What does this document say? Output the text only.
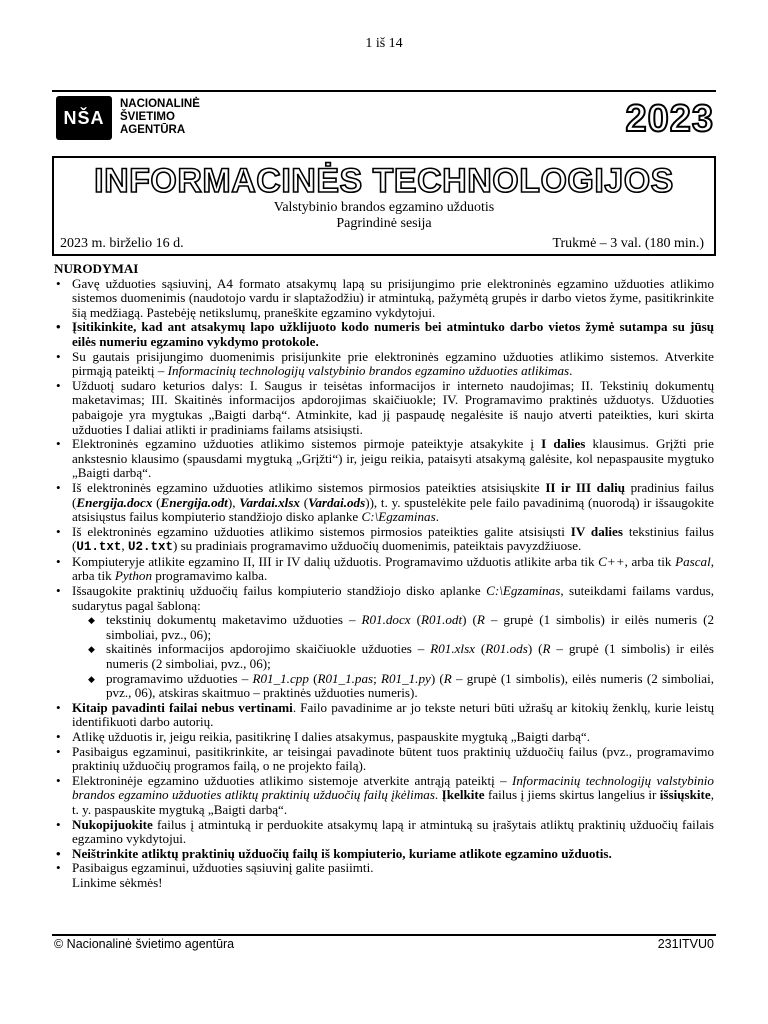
1 iš 14
NŠA
NACIONALINĖ
ŠVIETIMO
AGENTŪRA	2023
INFORMACINĖS TECHNOLOGIJOS
Valstybinio brandos egzamino užduotis
Pagrindinė sesija
2023 m. birželio 16 d.	Trukmė – 3 val. (180 min.)

NURODYMAI

• Gavę užduoties sąsiuvinį, A4 formato atsakymų lapą su prisijungimo prie elektroninės egzamino užduoties atlikimo sistemos duomenimis (naudotojo vardu ir slaptažodžiu) ir atmintuką, pažymėtą grupės ir darbo vietos žyme, pasitikrinkite šią medžiagą. Pastebėję netikslumų, praneškite egzamino vykdytojui.
• Įsitikinkite, kad ant atsakymų lapo užklijuoto kodo numeris bei atmintuko darbo vietos žymė sutampa su jūsų eilės numeriu egzamino vykdymo protokole.
• Su gautais prisijungimo duomenimis prisijunkite prie elektroninės egzamino užduoties atlikimo sistemos. Atverkite pirmąją pateiktį – Informacinių technologijų valstybinio brandos egzamino užduoties atlikimas.
• Užduotį sudaro keturios dalys: I. Saugus ir teisėtas informacijos ir interneto naudojimas; II. Tekstinių dokumentų maketavimas; III. Skaitinės informacijos apdorojimas skaičiuokle; IV. Programavimo praktinės užduotys. Užduoties pabaigoje yra mygtukas „Baigti darbą“. Atminkite, kad jį paspaudę negalėsite iš naujo atverti pateikties, kuri skirta užduoties I daliai atlikti ir pradiniams failams atsisiųsti.
• Elektroninės egzamino užduoties atlikimo sistemos pirmoje pateiktyje atsakykite į I dalies klausimus. Grįžti prie ankstesnio klausimo (spausdami mygtuką „Grįžti“) ir, jeigu reikia, pataisyti atsakymą galėsite, kol nepaspausite mygtuko „Baigti darbą“.
• Iš elektroninės egzamino užduoties atlikimo sistemos pirmosios pateikties atsisiųskite II ir III dalių pradinius failus (Energija.docx (Energija.odt), Vardai.xlsx (Vardai.ods)), t. y. spustelėkite pele failo pavadinimą (nuorodą) ir išsaugokite atsisiųstus failus kompiuterio standžiojo disko aplanke C:\Egzaminas.
• Iš elektroninės egzamino užduoties atlikimo sistemos pirmosios pateikties galite atsisiųsti IV dalies tekstinius failus (U1.txt, U2.txt) su pradiniais programavimo užduočių duomenimis, pateiktais pavyzdžiuose.
• Kompiuteryje atlikite egzamino II, III ir IV dalių užduotis. Programavimo užduotis atlikite arba tik C++, arba tik Pascal, arba tik Python programavimo kalba.
• Išsaugokite praktinių užduočių failus kompiuterio standžiojo disko aplanke C:\Egzaminas, suteikdami failams vardus, sudarytus pagal šabloną:
◆ tekstinių dokumentų maketavimo užduoties – R01.docx (R01.odt) (R – grupė (1 simbolis) ir eilės numeris (2 simboliai, pvz., 06);
◆ skaitinės informacijos apdorojimo skaičiuokle užduoties – R01.xlsx (R01.ods) (R – grupė (1 simbolis) ir eilės numeris (2 simboliai, pvz., 06);
◆ programavimo užduoties – R01_1.cpp (R01_1.pas; R01_1.py) (R – grupė (1 simbolis), eilės numeris (2 simboliai, pvz., 06), atskiras skaitmuo – praktinės užduoties numeris).
• Kitaip pavadinti failai nebus vertinami. Failo pavadinime ar jo tekste neturi būti užrašų ar kitokių ženklų, kurie leistų identifikuoti darbo autorių.
• Atlikę užduotis ir, jeigu reikia, pasitikrinę I dalies atsakymus, paspauskite mygtuką „Baigti darbą“.
• Pasibaigus egzaminui, pasitikrinkite, ar teisingai pavadinote būtent tuos praktinių užduočių failus (pvz., programavimo praktinių užduočių programos failą, o ne projekto failą).
• Elektroninėje egzamino užduoties atlikimo sistemoje atverkite antrąją pateiktį – Informacinių technologijų valstybinio brandos egzamino užduoties atliktų praktinių užduočių failų įkėlimas. Įkelkite failus į jiems skirtus langelius ir išsiųskite, t. y. paspauskite mygtuką „Baigti darbą“.
• Nukopijuokite failus į atmintuką ir perduokite atsakymų lapą ir atmintuką su įrašytais atliktų praktinių užduočių failais egzamino vykdytojui.
• Neištrinkite atliktų praktinių užduočių failų iš kompiuterio, kuriame atlikote egzamino užduotis.
• Pasibaigus egzaminui, užduoties sąsiuvinį galite pasiimti.
Linkime sėkmės!
© Nacionalinė švietimo agentūra	231ITVU0
